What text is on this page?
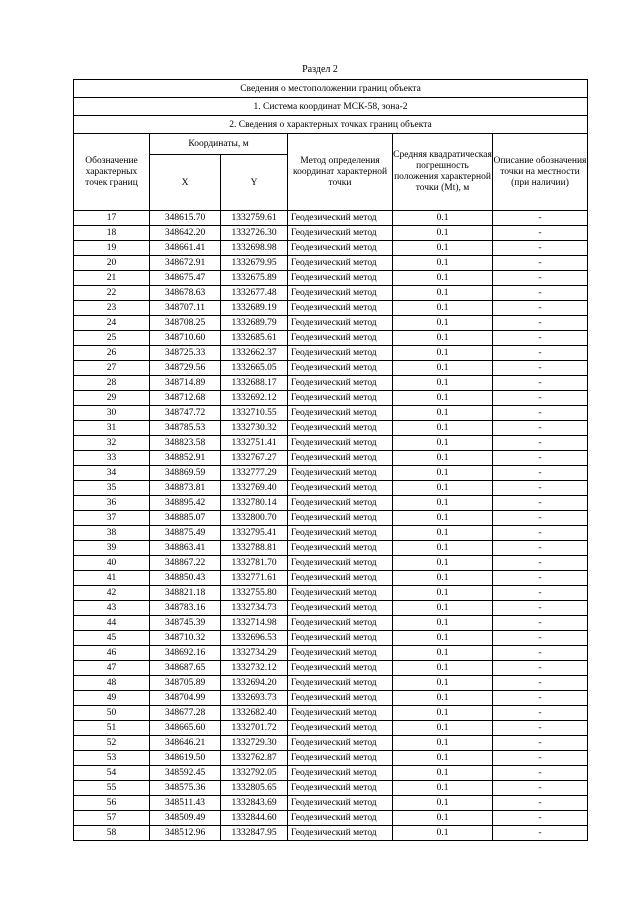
Раздел 2
Сведения о местоположении границ объекта					
1. Система координат МСК-58, зона-2					
2. Сведения о характерных точках границ объекта					
Обозначение характерных точек границ	Координаты, м		Метод определения координат характерной точки	Средняя квадратическая погрешность положения характерной точки (Mt), м	Описание обозначения точки на местности (при наличии)
	X	Y			
17	348615.70	1332759.61	Геодезический метод	0.1	-
18	348642.20	1332726.30	Геодезический метод	0.1	-
19	348661.41	1332698.98	Геодезический метод	0.1	-
20	348672.91	1332679.95	Геодезический метод	0.1	-
21	348675.47	1332675.89	Геодезический метод	0.1	-
22	348678.63	1332677.48	Геодезический метод	0.1	-
23	348707.11	1332689.19	Геодезический метод	0.1	-
24	348708.25	1332689.79	Геодезический метод	0.1	-
25	348710.60	1332685.61	Геодезический метод	0.1	-
26	348725.33	1332662.37	Геодезический метод	0.1	-
27	348729.56	1332665.05	Геодезический метод	0.1	-
28	348714.89	1332688.17	Геодезический метод	0.1	-
29	348712.68	1332692.12	Геодезический метод	0.1	-
30	348747.72	1332710.55	Геодезический метод	0.1	-
31	348785.53	1332730.32	Геодезический метод	0.1	-
32	348823.58	1332751.41	Геодезический метод	0.1	-
33	348852.91	1332767.27	Геодезический метод	0.1	-
34	348869.59	1332777.29	Геодезический метод	0.1	-
35	348873.81	1332769.40	Геодезический метод	0.1	-
36	348895.42	1332780.14	Геодезический метод	0.1	-
37	348885.07	1332800.70	Геодезический метод	0.1	-
38	348875.49	1332795.41	Геодезический метод	0.1	-
39	348863.41	1332788.81	Геодезический метод	0.1	-
40	348867.22	1332781.70	Геодезический метод	0.1	-
41	348850.43	1332771.61	Геодезический метод	0.1	-
42	348821.18	1332755.80	Геодезический метод	0.1	-
43	348783.16	1332734.73	Геодезический метод	0.1	-
44	348745.39	1332714.98	Геодезический метод	0.1	-
45	348710.32	1332696.53	Геодезический метод	0.1	-
46	348692.16	1332734.29	Геодезический метод	0.1	-
47	348687.65	1332732.12	Геодезический метод	0.1	-
48	348705.89	1332694.20	Геодезический метод	0.1	-
49	348704.99	1332693.73	Геодезический метод	0.1	-
50	348677.28	1332682.40	Геодезический метод	0.1	-
51	348665.60	1332701.72	Геодезический метод	0.1	-
52	348646.21	1332729.30	Геодезический метод	0.1	-
53	348619.50	1332762.87	Геодезический метод	0.1	-
54	348592.45	1332792.05	Геодезический метод	0.1	-
55	348575.36	1332805.65	Геодезический метод	0.1	-
56	348511.43	1332843.69	Геодезический метод	0.1	-
57	348509.49	1332844.60	Геодезический метод	0.1	-
58	348512.96	1332847.95	Геодезический метод	0.1	-
